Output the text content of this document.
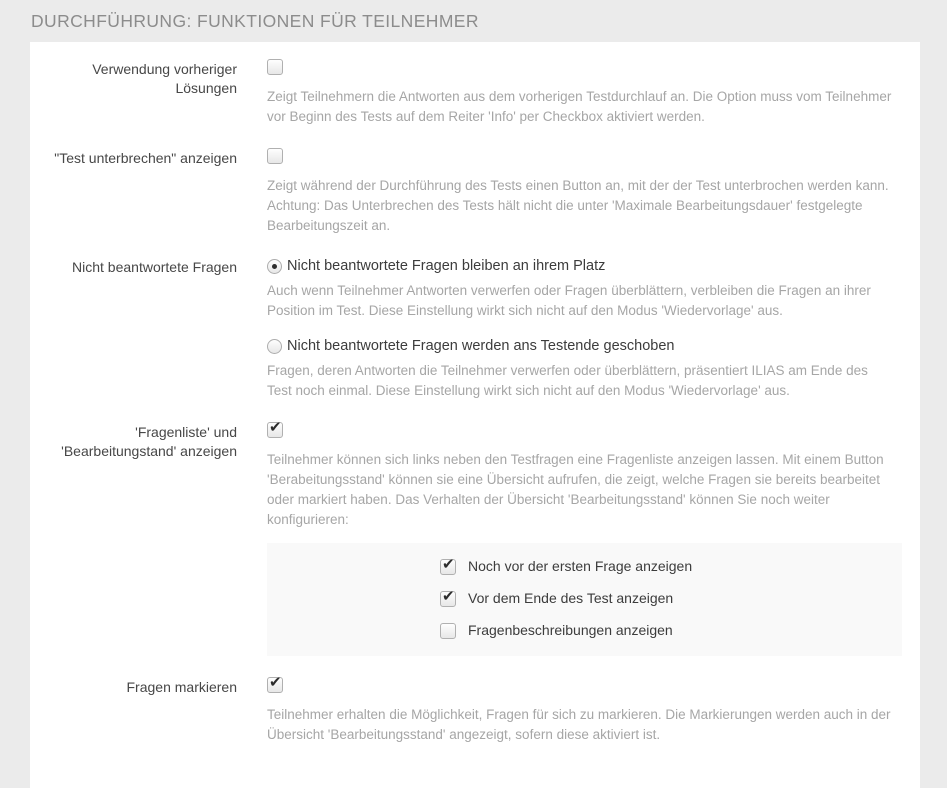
DURCHFÜHRUNG: FUNKTIONEN FÜR TEILNEHMER
Verwendung vorheriger Lösungen
Zeigt Teilnehmern die Antworten aus dem vorherigen Testdurchlauf an. Die Option muss vom Teilnehmer vor Beginn des Tests auf dem Reiter 'Info' per Checkbox aktiviert werden.
"Test unterbrechen" anzeigen
Zeigt während der Durchführung des Tests einen Button an, mit der der Test unterbrochen werden kann. Achtung: Das Unterbrechen des Tests hält nicht die unter 'Maximale Bearbeitungsdauer' festgelegte Bearbeitungszeit an.
Nicht beantwortete Fragen	Nicht beantwortete Fragen bleiben an ihrem Platz
Auch wenn Teilnehmer Antworten verwerfen oder Fragen überblättern, verbleiben die Fragen an ihrer Position im Test. Diese Einstellung wirkt sich nicht auf den Modus 'Wiedervorlage' aus.
Nicht beantwortete Fragen werden ans Testende geschoben
Fragen, deren Antworten die Teilnehmer verwerfen oder überblättern, präsentiert ILIAS am Ende des Test noch einmal. Diese Einstellung wirkt sich nicht auf den Modus 'Wiedervorlage' aus.
'Fragenliste' und 'Bearbeitungstand' anzeigen
✔
Teilnehmer können sich links neben den Testfragen eine Fragenliste anzeigen lassen. Mit einem Button 'Berabeitungsstand' können sie eine Übersicht aufrufen, die zeigt, welche Fragen sie bereits bearbeitet oder markiert haben. Das Verhalten der Übersicht 'Bearbeitungsstand' können Sie noch weiter konfigurieren:
✔
Noch vor der ersten Frage anzeigen
✔
Vor dem Ende des Test anzeigen
Fragenbeschreibungen anzeigen
Fragen markieren
✔
Teilnehmer erhalten die Möglichkeit, Fragen für sich zu markieren. Die Markierungen werden auch in der Übersicht 'Bearbeitungsstand' angezeigt, sofern diese aktiviert ist.
